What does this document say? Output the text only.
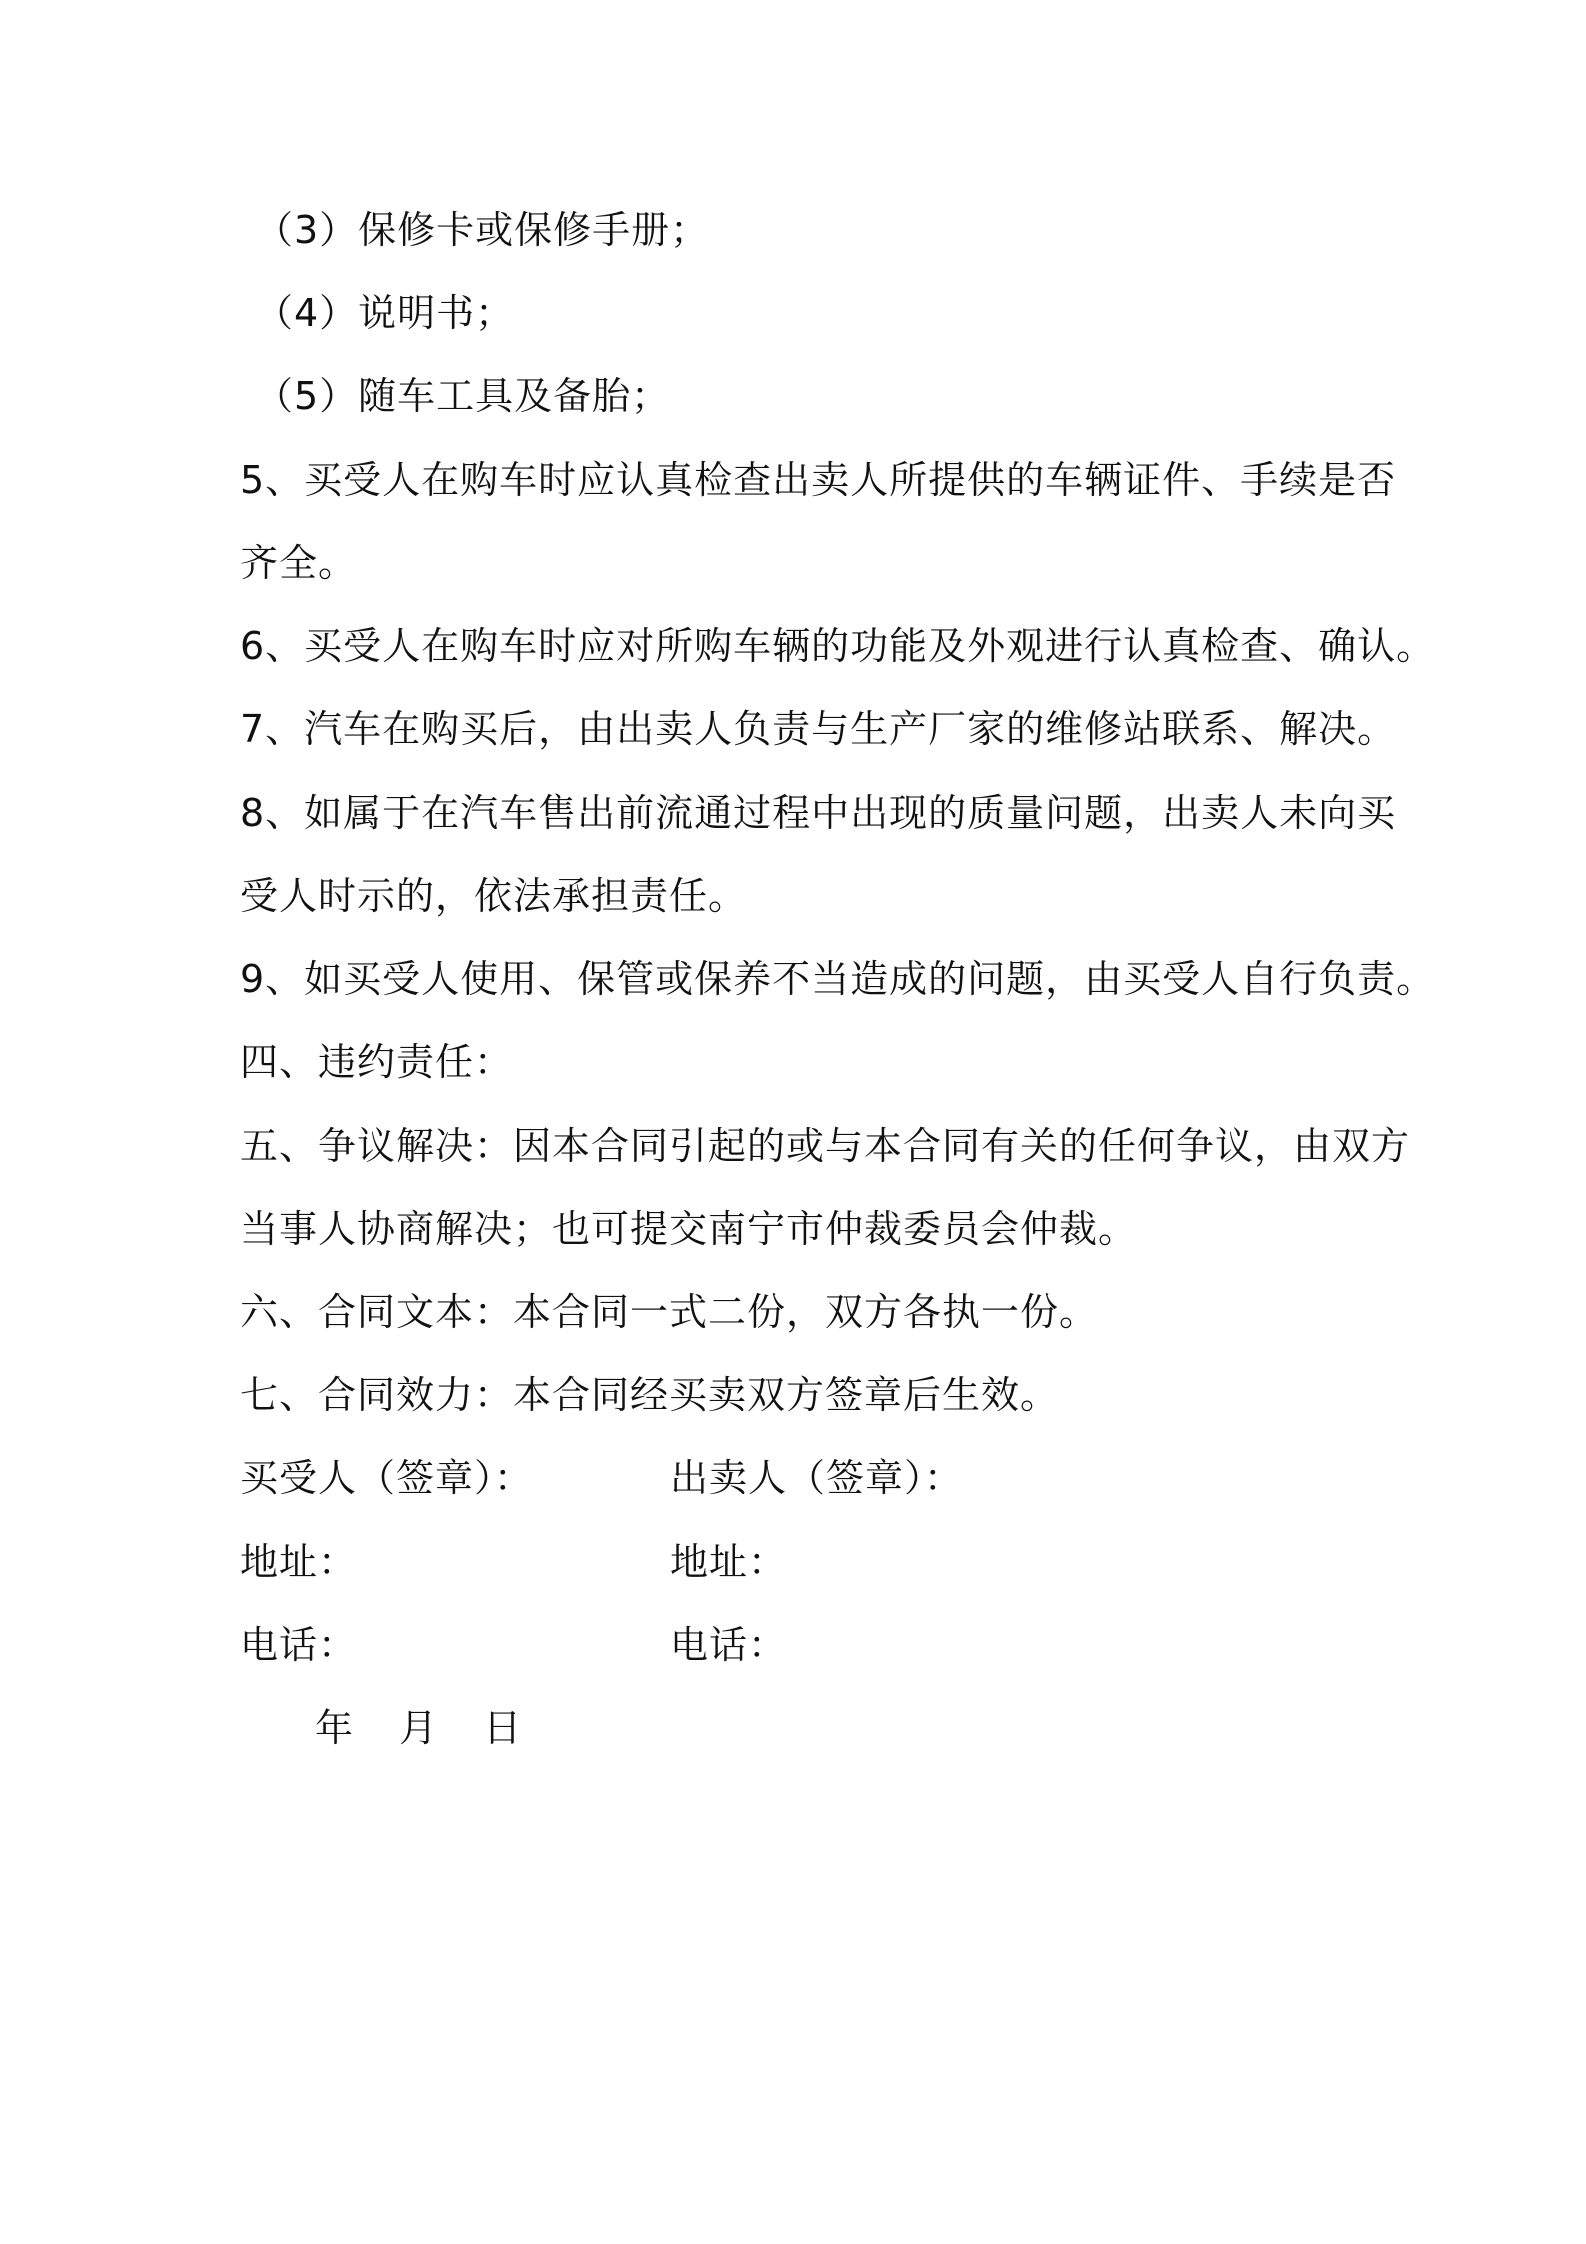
（3）保修卡或保修手册；
（4）说明书；
（5）随车工具及备胎；
5、买受人在购车时应认真检查出卖人所提供的车辆证件、手续是否
齐全。
6、买受人在购车时应对所购车辆的功能及外观进行认真检查、确认。
7、汽车在购买后，由出卖人负责与生产厂家的维修站联系、解决。
8、如属于在汽车售出前流通过程中出现的质量问题，出卖人未向买
受人时示的，依法承担责任。
9、如买受人使用、保管或保养不当造成的问题，由买受人自行负责。
四、违约责任：
五、争议解决：因本合同引起的或与本合同有关的任何争议，由双方
当事人协商解决；也可提交南宁市仲裁委员会仲裁。
六、合同文本：本合同一式二份，双方各执一份。
七、合同效力：本合同经买卖双方签章后生效。
买受人（签章）：	出卖人（签章）：
地址：	地址：
电话：	电话：
年 月 日
